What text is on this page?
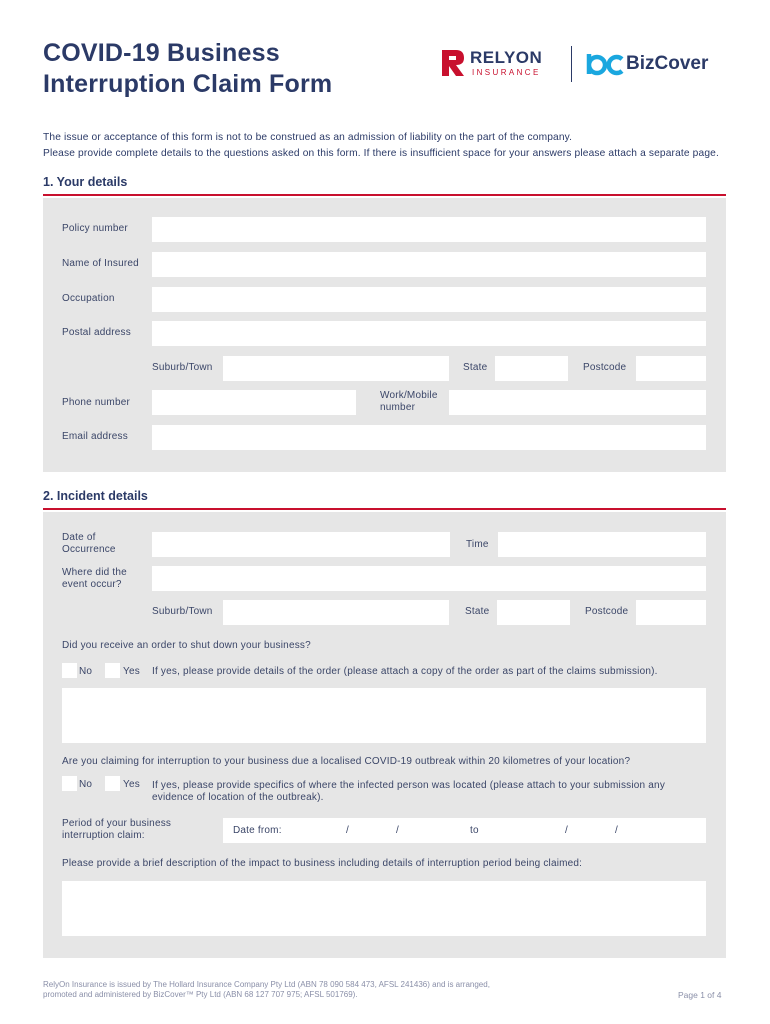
COVID-19 Business
Interruption Claim Form
RELYON
INSURANCE	BizCover
The issue or acceptance of this form is not to be construed as an admission of liability on the part of the company.
Please provide complete details to the questions asked on this form. If there is insufficient space for your answers please attach a separate page.
1. Your details
Policy number
Name of Insured
Occupation
Postal address
Suburb/Town	State	Postcode
Phone number
Work/Mobile
number
Email address
2. Incident details
Date of
Occurrence	Time
Where did the
event occur?
Suburb/Town	State	Postcode
Did you receive an order to shut down your business?
No	Yes If yes, please provide details of the order (please attach a copy of the order as part of the claims submission).
Are you claiming for interruption to your business due a localised COVID-19 outbreak within 20 kilometres of your location?
No	Yes If yes, please provide specifics of where the infected person was located (please attach to your submission any
evidence of location of the outbreak).
Period of your business
interruption claim:	Date from:	/	/	to	/	/
Please provide a brief description of the impact to business including details of interruption period being claimed:
RelyOn Insurance is issued by The Hollard Insurance Company Pty Ltd (ABN 78 090 584 473, AFSL 241436) and is arranged,
promoted and administered by BizCover™ Pty Ltd (ABN 68 127 707 975; AFSL 501769).	Page 1 of 4
